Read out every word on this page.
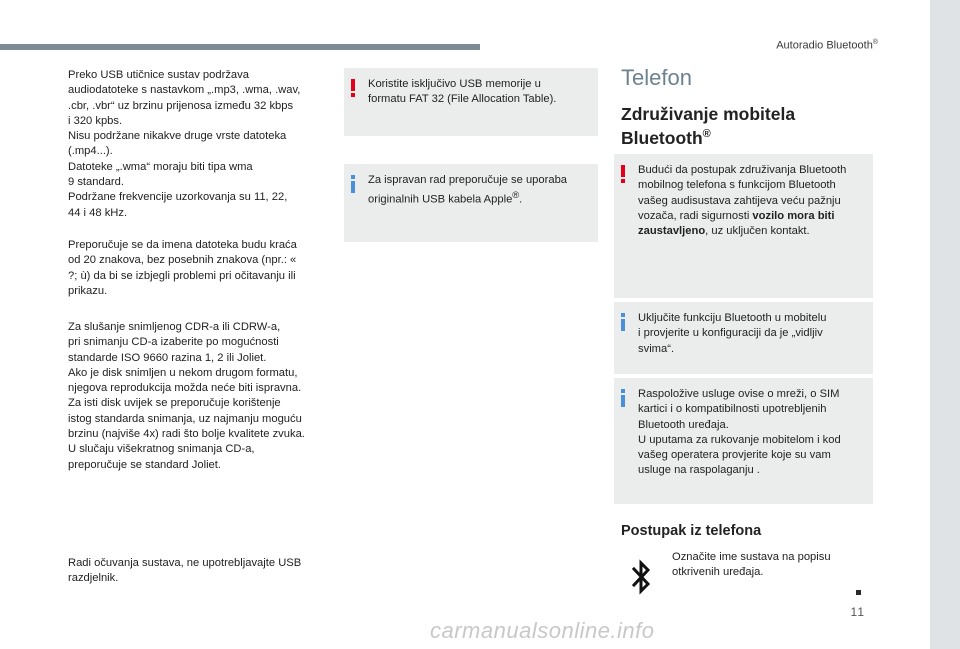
Autoradio Bluetooth®
11

Preko USB utičnice sustav podržava
audiodatoteke s nastavkom „.mp3, .wma, .wav,
.cbr, .vbr“ uz brzinu prijenosa između 32 kbps
i 320 kpbs.
Nisu podržane nikakve druge vrste datoteka
(.mp4...).
Datoteke „.wma“ moraju biti tipa wma
9 standard.
Podržane frekvencije uzorkovanja su 11, 22,
44 i 48 kHz.

Preporučuje se da imena datoteka budu kraća
od 20 znakova, bez posebnih znakova (npr.: «
?; ù) da bi se izbjegli problemi pri očitavanju ili
prikazu.

Za slušanje snimljenog CDR-a ili CDRW-a,
pri snimanju CD-a izaberite po mogućnosti
standarde ISO 9660 razina 1, 2 ili Joliet.
Ako je disk snimljen u nekom drugom formatu,
njegova reprodukcija možda neće biti ispravna.
Za isti disk uvijek se preporučuje korištenje
istog standarda snimanja, uz najmanju moguću
brzinu (najviše 4x) radi što bolje kvalitete zvuka.
U slučaju višekratnog snimanja CD-a,
preporučuje se standard Joliet.

Radi očuvanja sustava, ne upotrebljavajte USB
razdjelnik.

Koristite isključivo USB memorije u
formatu FAT 32 (File Allocation Table).

Za ispravan rad preporučuje se uporaba
originalnih USB kabela Apple®.

Telefon
Združivanje mobitela
Bluetooth®

Budući da postupak združivanja Bluetooth
mobilnog telefona s funkcijom Bluetooth
vašeg audisustava zahtijeva veću pažnju
vozača, radi sigurnosti vozilo mora biti
zaustavljeno, uz uključen kontakt.

Uključite funkciju Bluetooth u mobitelu
i provjerite u konfiguraciji da je „vidljiv
svima“.

Raspoložive usluge ovise o mreži, o SIM
kartici i o kompatibilnosti upotrebljenih
Bluetooth uređaja.
U uputama za rukovanje mobitelom i kod
vašeg operatera provjerite koje su vam
usluge na raspolaganju .

Postupak iz telefona

Označite ime sustava na popisu
otkrivenih uređaja.

carmanualsonline.info
